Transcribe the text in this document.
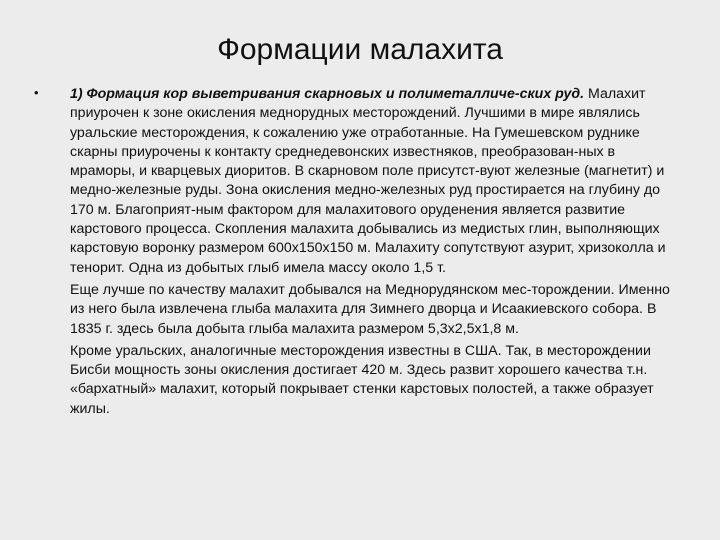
Формации малахита
• 1) Формация кор выветривания скарновых и полиметалличе-ских руд. Малахит приурочен к зоне окисления меднорудных месторождений. Лучшими в мире являлись уральские месторождения, к сожалению уже отработанные. На Гумешевском руднике скарны приурочены к контакту среднедевонских известняков, преобразован-ных в мраморы, и кварцевых диоритов. В скарновом поле присутст-вуют железные (магнетит) и медно-железные руды. Зона окисления медно-железных руд простирается на глубину до 170 м. Благоприят-ным фактором для малахитового оруденения является развитие карстового процесса. Скопления малахита добывались из медистых глин, выполняющих карстовую воронку размером 600х150х150 м. Малахиту сопутствуют азурит, хризоколла и тенорит. Одна из добытых глыб имела массу около 1,5 т.

Еще лучше по качеству малахит добывался на Меднорудянском мес-торождении. Именно из него была извлечена глыба малахита для Зимнего дворца и Исаакиевского собора. В 1835 г. здесь была добыта глыба малахита размером 5,3х2,5х1,8 м.

Кроме уральских, аналогичные месторождения известны в США. Так, в месторождении Бисби мощность зоны окисления достигает 420 м. Здесь развит хорошего качества т.н. «бархатный» малахит, который покрывает стенки карстовых полостей, а также образует жилы.
